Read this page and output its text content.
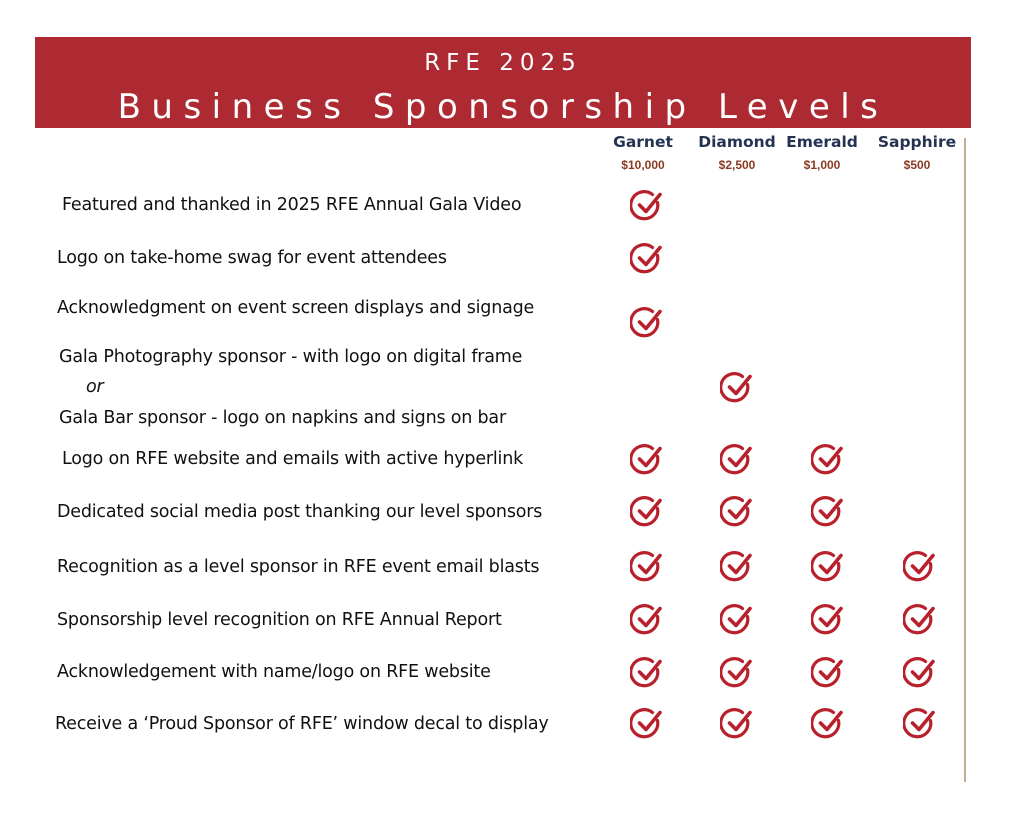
RFE 2025
Business Sponsorship Levels
Garnet
$10,000
Diamond
$2,500
Emerald
$1,000
Sapphire
$500
Featured and thanked in 2025 RFE Annual Gala Video
Logo on take-home swag for event attendees
Acknowledgment on event screen displays and signage
Gala Photography sponsor - with logo on digital frame
or
Gala Bar sponsor - logo on napkins and signs on bar
Logo on RFE website and emails with active hyperlink
Dedicated social media post thanking our level sponsors
Recognition as a level sponsor in RFE event email blasts
Sponsorship level recognition on RFE Annual Report
Acknowledgement with name/logo on RFE website
Receive a ‘Proud Sponsor of RFE’ window decal to display
